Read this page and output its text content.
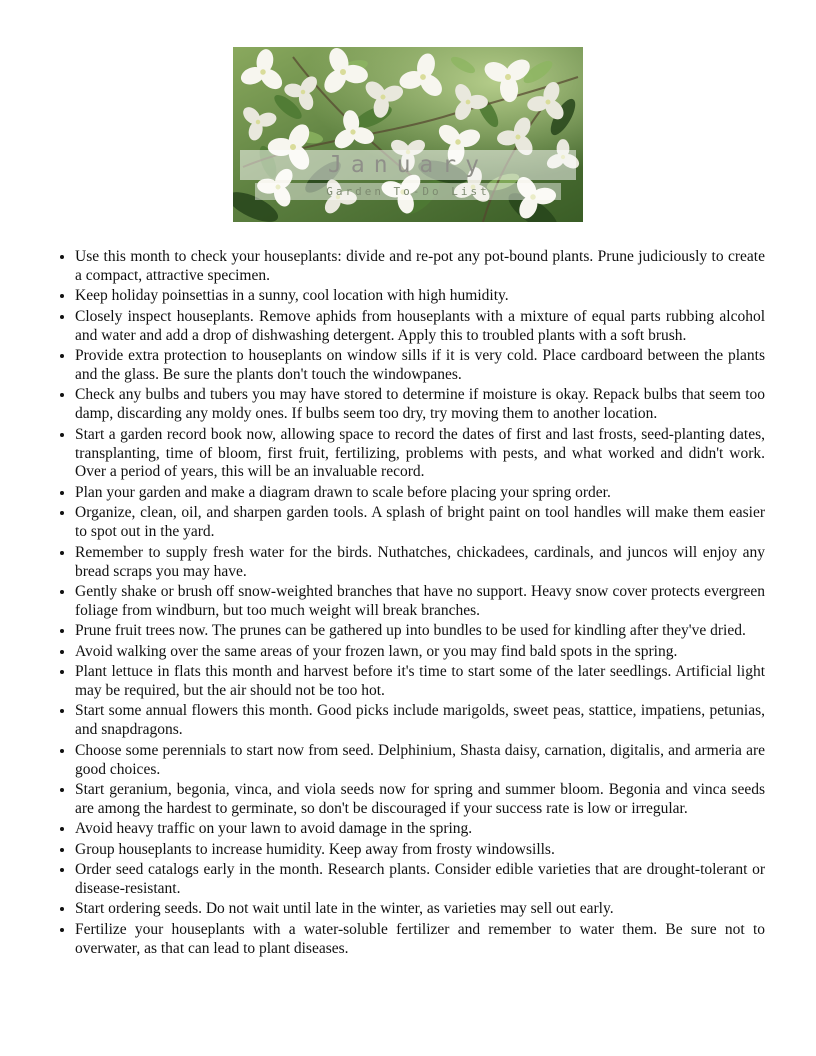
January
Garden To-Do List
• Use this month to check your houseplants: divide and re-pot any pot-bound plants. Prune judiciously to create a compact, attractive specimen.
• Keep holiday poinsettias in a sunny, cool location with high humidity.
• Closely inspect houseplants. Remove aphids from houseplants with a mixture of equal parts rubbing alcohol and water and add a drop of dishwashing detergent. Apply this to troubled plants with a soft brush.
• Provide extra protection to houseplants on window sills if it is very cold. Place cardboard between the plants and the glass. Be sure the plants don't touch the windowpanes.
• Check any bulbs and tubers you may have stored to determine if moisture is okay. Repack bulbs that seem too damp, discarding any moldy ones. If bulbs seem too dry, try moving them to another location.
• Start a garden record book now, allowing space to record the dates of first and last frosts, seed-planting dates, transplanting, time of bloom, first fruit, fertilizing, problems with pests, and what worked and didn't work. Over a period of years, this will be an invaluable record.
• Plan your garden and make a diagram drawn to scale before placing your spring order.
• Organize, clean, oil, and sharpen garden tools. A splash of bright paint on tool handles will make them easier to spot out in the yard.
• Remember to supply fresh water for the birds. Nuthatches, chickadees, cardinals, and juncos will enjoy any bread scraps you may have.
• Gently shake or brush off snow-weighted branches that have no support. Heavy snow cover protects evergreen foliage from windburn, but too much weight will break branches.
• Prune fruit trees now. The prunes can be gathered up into bundles to be used for kindling after they've dried.
• Avoid walking over the same areas of your frozen lawn, or you may find bald spots in the spring.
• Plant lettuce in flats this month and harvest before it's time to start some of the later seedlings. Artificial light may be required, but the air should not be too hot.
• Start some annual flowers this month. Good picks include marigolds, sweet peas, stattice, impatiens, petunias, and snapdragons.
• Choose some perennials to start now from seed. Delphinium, Shasta daisy, carnation, digitalis, and armeria are good choices.
• Start geranium, begonia, vinca, and viola seeds now for spring and summer bloom. Begonia and vinca seeds are among the hardest to germinate, so don't be discouraged if your success rate is low or irregular.
• Avoid heavy traffic on your lawn to avoid damage in the spring.
• Group houseplants to increase humidity. Keep away from frosty windowsills.
• Order seed catalogs early in the month. Research plants. Consider edible varieties that are drought-tolerant or disease-resistant.
• Start ordering seeds. Do not wait until late in the winter, as varieties may sell out early.
• Fertilize your houseplants with a water-soluble fertilizer and remember to water them. Be sure not to overwater, as that can lead to plant diseases.
